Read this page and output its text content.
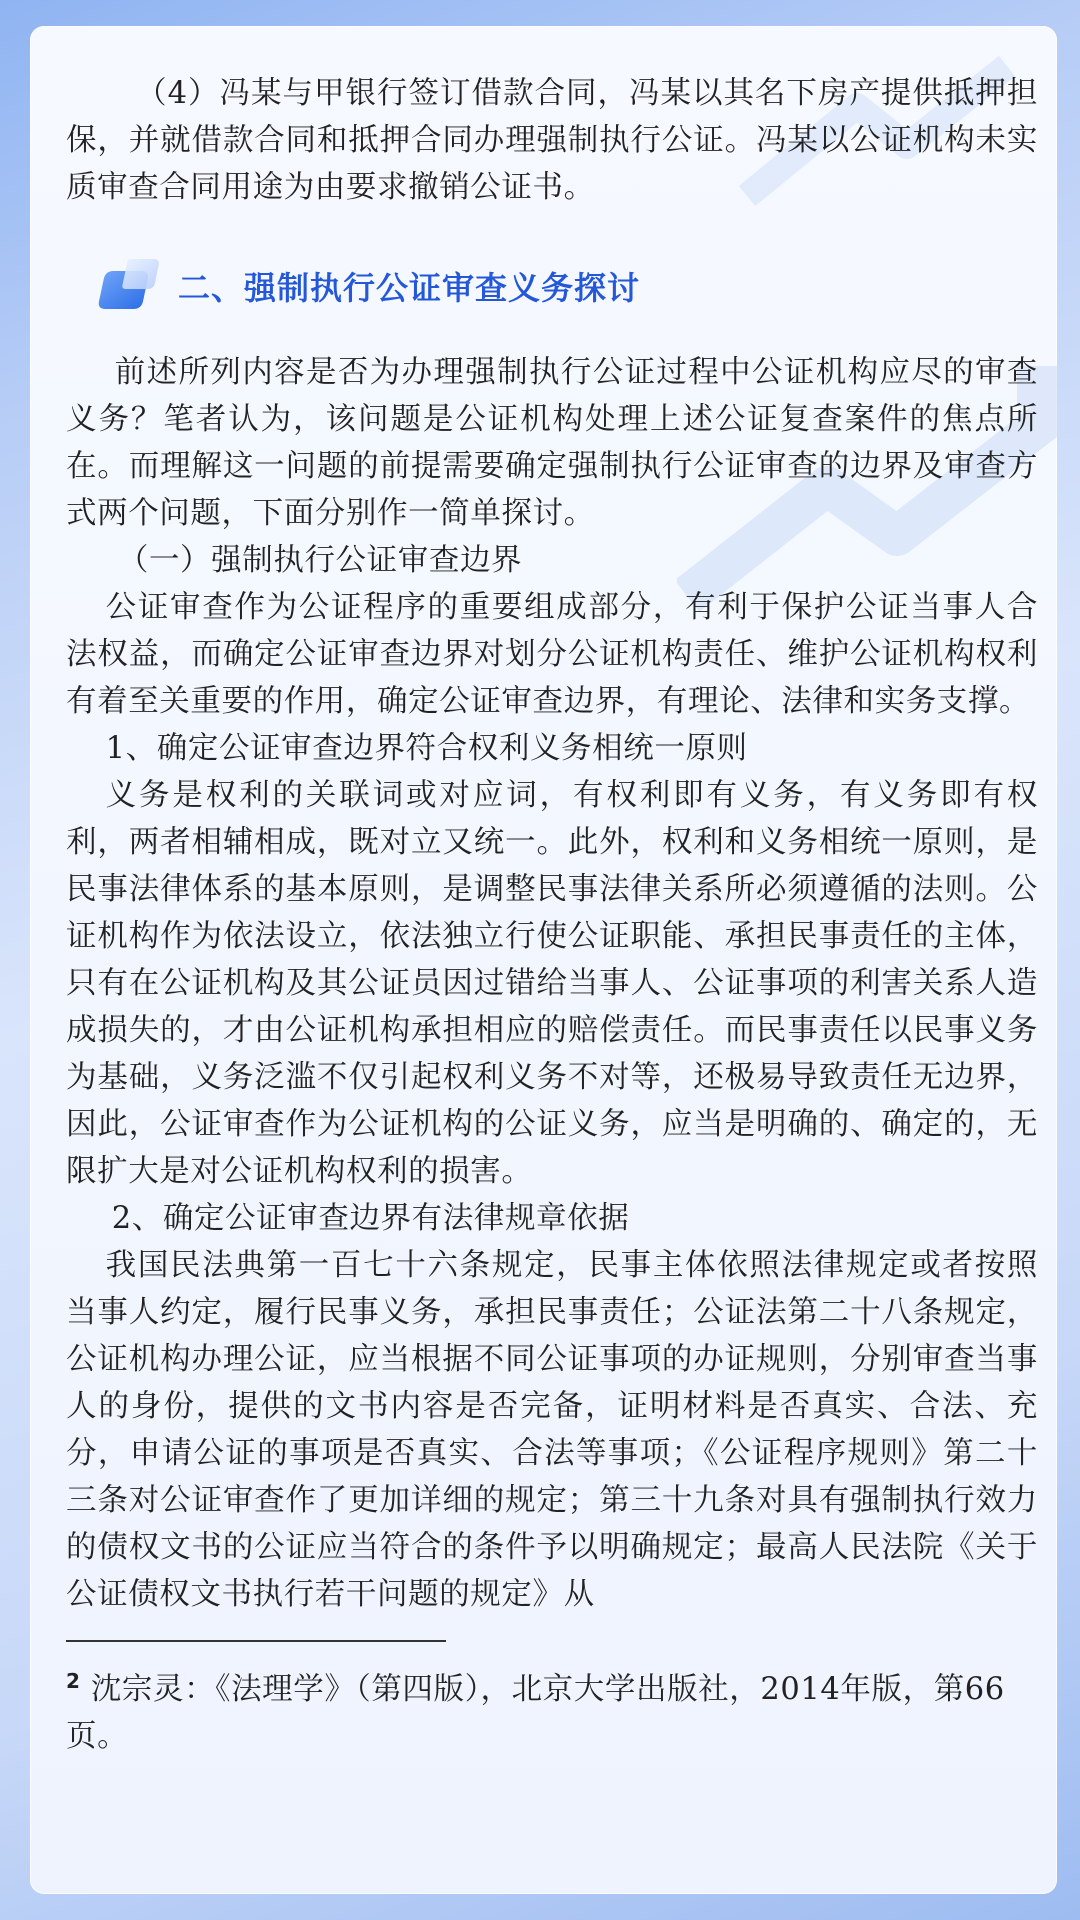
（4）冯某与甲银行签订借款合同，冯某以其名下房产提供抵押担保，并就借款合同和抵押合同办理强制执行公证。冯某以公证机构未实质审查合同用途为由要求撤销公证书。

二、强制执行公证审查义务探讨

前述所列内容是否为办理强制执行公证过程中公证机构应尽的审查义务？笔者认为，该问题是公证机构处理上述公证复查案件的焦点所在。而理解这一问题的前提需要确定强制执行公证审查的边界及审查方式两个问题，下面分别作一简单探讨。

（一）强制执行公证审查边界

公证审查作为公证程序的重要组成部分，有利于保护公证当事人合法权益，而确定公证审查边界对划分公证机构责任、维护公证机构权利有着至关重要的作用，确定公证审查边界，有理论、法律和实务支撑。

1、确定公证审查边界符合权利义务相统一原则

义务是权利的关联词或对应词，有权利即有义务，有义务即有权利，两者相辅相成，既对立又统一。此外，权利和义务相统一原则，是民事法律体系的基本原则，是调整民事法律关系所必须遵循的法则。公证机构作为依法设立，依法独立行使公证职能、承担民事责任的主体，只有在公证机构及其公证员因过错给当事人、公证事项的利害关系人造成损失的，才由公证机构承担相应的赔偿责任。而民事责任以民事义务为基础，义务泛滥不仅引起权利义务不对等，还极易导致责任无边界，因此，公证审查作为公证机构的公证义务，应当是明确的、确定的，无限扩大是对公证机构权利的损害。

2、确定公证审查边界有法律规章依据

我国民法典第一百七十六条规定，民事主体依照法律规定或者按照当事人约定，履行民事义务，承担民事责任；公证法第二十八条规定，公证机构办理公证，应当根据不同公证事项的办证规则，分别审查当事人的身份，提供的文书内容是否完备，证明材料是否真实、合法、充分，申请公证的事项是否真实、合法等事项；《公证程序规则》第二十三条对公证审查作了更加详细的规定；第三十九条对具有强制执行效力的债权文书的公证应当符合的条件予以明确规定；最高人民法院《关于公证债权文书执行若干问题的规定》从

$^2$ 沈宗灵：《法理学》（第四版），北京大学出版社，2014年版，第66页。
